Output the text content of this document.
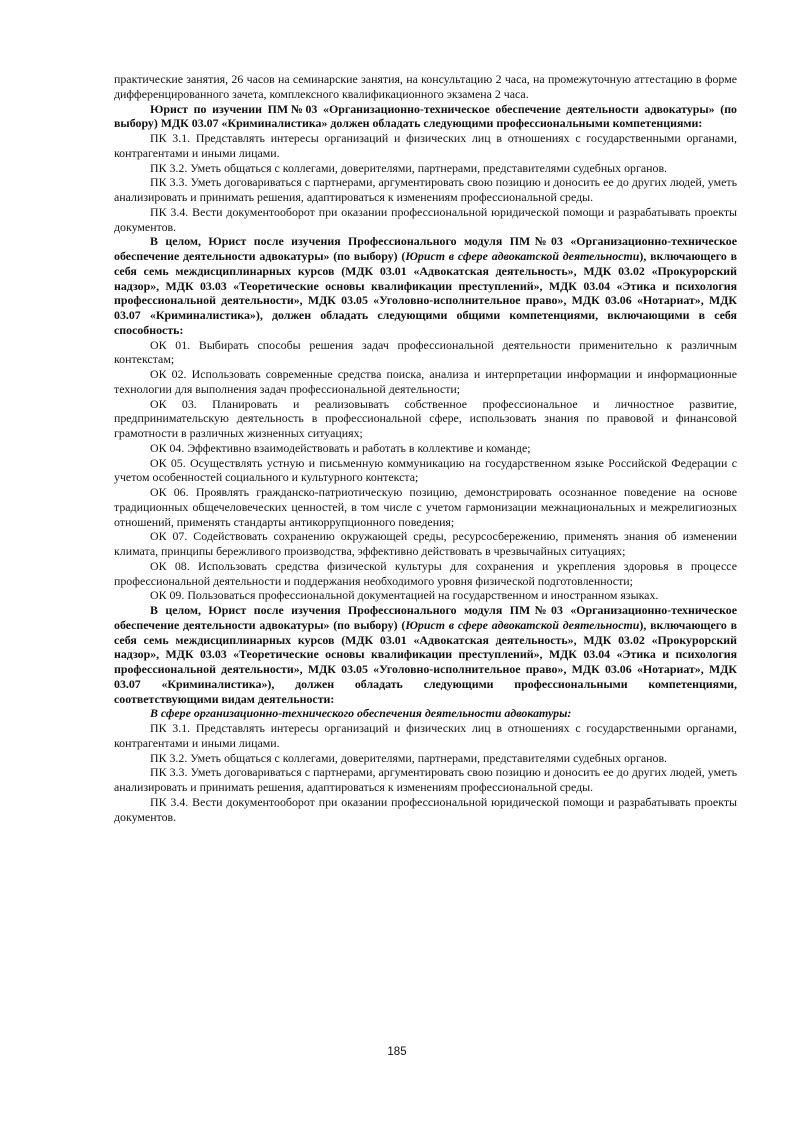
практические занятия, 26 часов на семинарские занятия, на консультацию 2 часа, на промежуточную аттестацию в форме дифференцированного зачета, комплексного квалификационного экзамена 2 часа.

Юрист по изучении ПМ№03 «Организационно-техническое обеспечение деятельности адвокатуры» (по выбору) МДК 03.07 «Криминалистика» должен обладать следующими профессиональными компетенциями:

ПК 3.1. Представлять интересы организаций и физических лиц в отношениях с государственными органами, контрагентами и иными лицами.

ПК 3.2. Уметь общаться с коллегами, доверителями, партнерами, представителями судебных органов.

ПК 3.3. Уметь договариваться с партнерами, аргументировать свою позицию и доносить ее до других людей, уметь анализировать и принимать решения, адаптироваться к изменениям профессиональной среды.

ПК 3.4. Вести документооборот при оказании профессиональной юридической помощи и разрабатывать проекты документов.

В целом, Юрист после изучения Профессионального модуля ПМ№03 «Организационно-техническое обеспечение деятельности адвокатуры» (по выбору) (Юрист в сфере адвокатской деятельности), включающего в себя семь междисциплинарных курсов (МДК 03.01 «Адвокатская деятельность», МДК 03.02 «Прокурорский надзор», МДК 03.03 «Теоретические основы квалификации преступлений», МДК 03.04 «Этика и психология профессиональной деятельности», МДК 03.05 «Уголовно-исполнительное право», МДК 03.06 «Нотариат», МДК 03.07 «Криминалистика»), должен обладать следующими общими компетенциями, включающими в себя способность:

ОК 01. Выбирать способы решения задач профессиональной деятельности применительно к различным контекстам;

ОК 02. Использовать современные средства поиска, анализа и интерпретации информации и информационные технологии для выполнения задач профессиональной деятельности;

ОК 03. Планировать и реализовывать собственное профессиональное и личностное развитие, предпринимательскую деятельность в профессиональной сфере, использовать знания по правовой и финансовой грамотности в различных жизненных ситуациях;

ОК 04. Эффективно взаимодействовать и работать в коллективе и команде;

ОК 05. Осуществлять устную и письменную коммуникацию на государственном языке Российской Федерации с учетом особенностей социального и культурного контекста;

ОК 06. Проявлять гражданско-патриотическую позицию, демонстрировать осознанное поведение на основе традиционных общечеловеческих ценностей, в том числе с учетом гармонизации межнациональных и межрелигиозных отношений, применять стандарты антикоррупционного поведения;

ОК 07. Содействовать сохранению окружающей среды, ресурсосбережению, применять знания об изменении климата, принципы бережливого производства, эффективно действовать в чрезвычайных ситуациях;

ОК 08. Использовать средства физической культуры для сохранения и укрепления здоровья в процессе профессиональной деятельности и поддержания необходимого уровня физической подготовленности;

ОК 09. Пользоваться профессиональной документацией на государственном и иностранном языках.

В целом, Юрист после изучения Профессионального модуля ПМ№03 «Организационно-техническое обеспечение деятельности адвокатуры» (по выбору) (Юрист в сфере адвокатской деятельности), включающего в себя семь междисциплинарных курсов (МДК 03.01 «Адвокатская деятельность», МДК 03.02 «Прокурорский надзор», МДК 03.03 «Теоретические основы квалификации преступлений», МДК 03.04 «Этика и психология профессиональной деятельности», МДК 03.05 «Уголовно-исполнительное право», МДК 03.06 «Нотариат», МДК 03.07 «Криминалистика»), должен обладать следующими профессиональными компетенциями, соответствующими видам деятельности:

В сфере организационно-технического обеспечения деятельности адвокатуры:

ПК 3.1. Представлять интересы организаций и физических лиц в отношениях с государственными органами, контрагентами и иными лицами.

ПК 3.2. Уметь общаться с коллегами, доверителями, партнерами, представителями судебных органов.

ПК 3.3. Уметь договариваться с партнерами, аргументировать свою позицию и доносить ее до других людей, уметь анализировать и принимать решения, адаптироваться к изменениям профессиональной среды.

ПК 3.4. Вести документооборот при оказании профессиональной юридической помощи и разрабатывать проекты документов.

185
